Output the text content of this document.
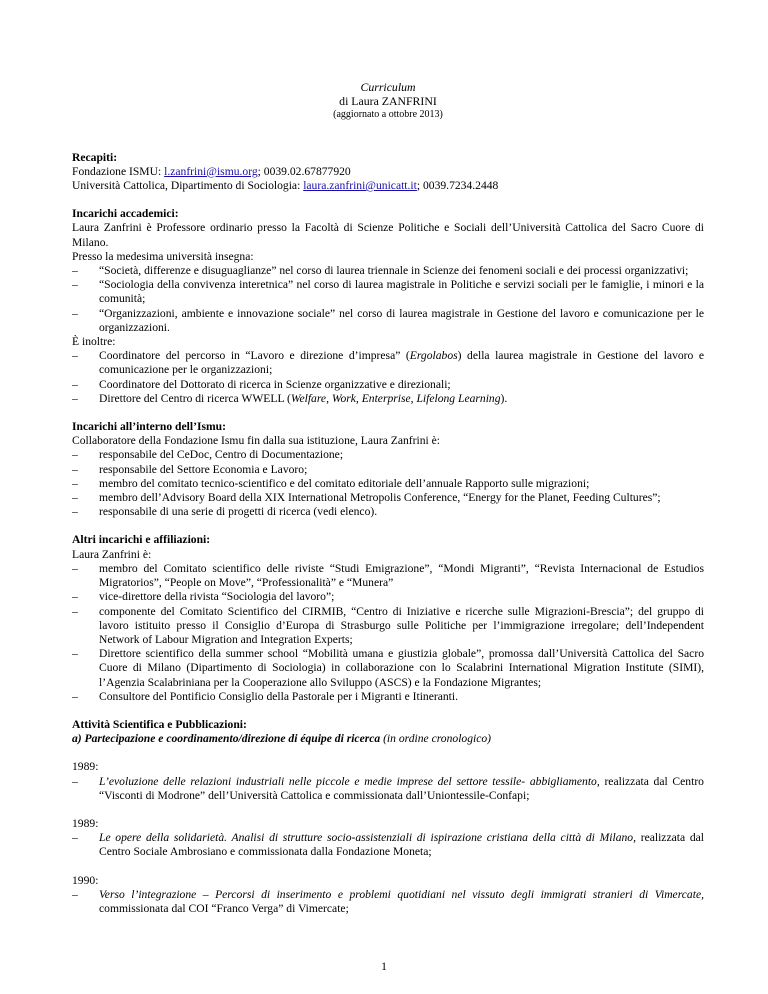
Curriculum
di Laura ZANFRINI
(aggiornato a ottobre 2013)
Recapiti:
Fondazione ISMU: l.zanfrini@ismu.org; 0039.02.67877920
Università Cattolica, Dipartimento di Sociologia: laura.zanfrini@unicatt.it; 0039.7234.2448
Incarichi accademici:
Laura Zanfrini è Professore ordinario presso la Facoltà di Scienze Politiche e Sociali dell’Università Cattolica del Sacro Cuore di Milano.
Presso la medesima università insegna:
– “Società, differenze e disuguaglianze” nel corso di laurea triennale in Scienze dei fenomeni sociali e dei processi organizzativi;
– “Sociologia della convivenza interetnica” nel corso di laurea magistrale in Politiche e servizi sociali per le famiglie, i minori e la comunità;
– “Organizzazioni, ambiente e innovazione sociale” nel corso di laurea magistrale in Gestione del lavoro e comunicazione per le organizzazioni.
È inoltre:
– Coordinatore del percorso in “Lavoro e direzione d’impresa” (Ergolabos) della laurea magistrale in Gestione del lavoro e comunicazione per le organizzazioni;
– Coordinatore del Dottorato di ricerca in Scienze organizzative e direzionali;
– Direttore del Centro di ricerca WWELL (Welfare, Work, Enterprise, Lifelong Learning).
Incarichi all’interno dell’Ismu:
Collaboratore della Fondazione Ismu fin dalla sua istituzione, Laura Zanfrini è:
– responsabile del CeDoc, Centro di Documentazione;
– responsabile del Settore Economia e Lavoro;
– membro del comitato tecnico-scientifico e del comitato editoriale dell’annuale Rapporto sulle migrazioni;
– membro dell’Advisory Board della XIX International Metropolis Conference, “Energy for the Planet, Feeding Cultures”;
– responsabile di una serie di progetti di ricerca (vedi elenco).
Altri incarichi e affiliazioni:
Laura Zanfrini è:
– membro del Comitato scientifico delle riviste “Studi Emigrazione”, “Mondi Migranti”, “Revista Internacional de Estudios Migratorios”, “People on Move”, “Professionalità” e “Munera”
– vice-direttore della rivista “Sociologia del lavoro”;
– componente del Comitato Scientifico del CIRMIB, “Centro di Iniziative e ricerche sulle Migrazioni-Brescia”; del gruppo di lavoro istituito presso il Consiglio d’Europa di Strasburgo sulle Politiche per l’immigrazione irregolare; dell’Independent Network of Labour Migration and Integration Experts;
– Direttore scientifico della summer school “Mobilità umana e giustizia globale”, promossa dall’Università Cattolica del Sacro Cuore di Milano (Dipartimento di Sociologia) in collaborazione con lo Scalabrini International Migration Institute (SIMI), l’Agenzia Scalabriniana per la Cooperazione allo Sviluppo (ASCS) e la Fondazione Migrantes;
– Consultore del Pontificio Consiglio della Pastorale per i Migranti e Itineranti.
Attività Scientifica e Pubblicazioni:
a) Partecipazione e coordinamento/direzione di équipe di ricerca (in ordine cronologico)
1989:
– L’evoluzione delle relazioni industriali nelle piccole e medie imprese del settore tessile- abbigliamento, realizzata dal Centro “Visconti di Modrone” dell’Università Cattolica e commissionata dall’Uniontessile-Confapi;
1989:
– Le opere della solidarietà. Analisi di strutture socio-assistenziali di ispirazione cristiana della città di Milano, realizzata dal Centro Sociale Ambrosiano e commissionata dalla Fondazione Moneta;
1990:
– Verso l’integrazione – Percorsi di inserimento e problemi quotidiani nel vissuto degli immigrati stranieri di Vimercate, commissionata dal COI “Franco Verga” di Vimercate;
1
